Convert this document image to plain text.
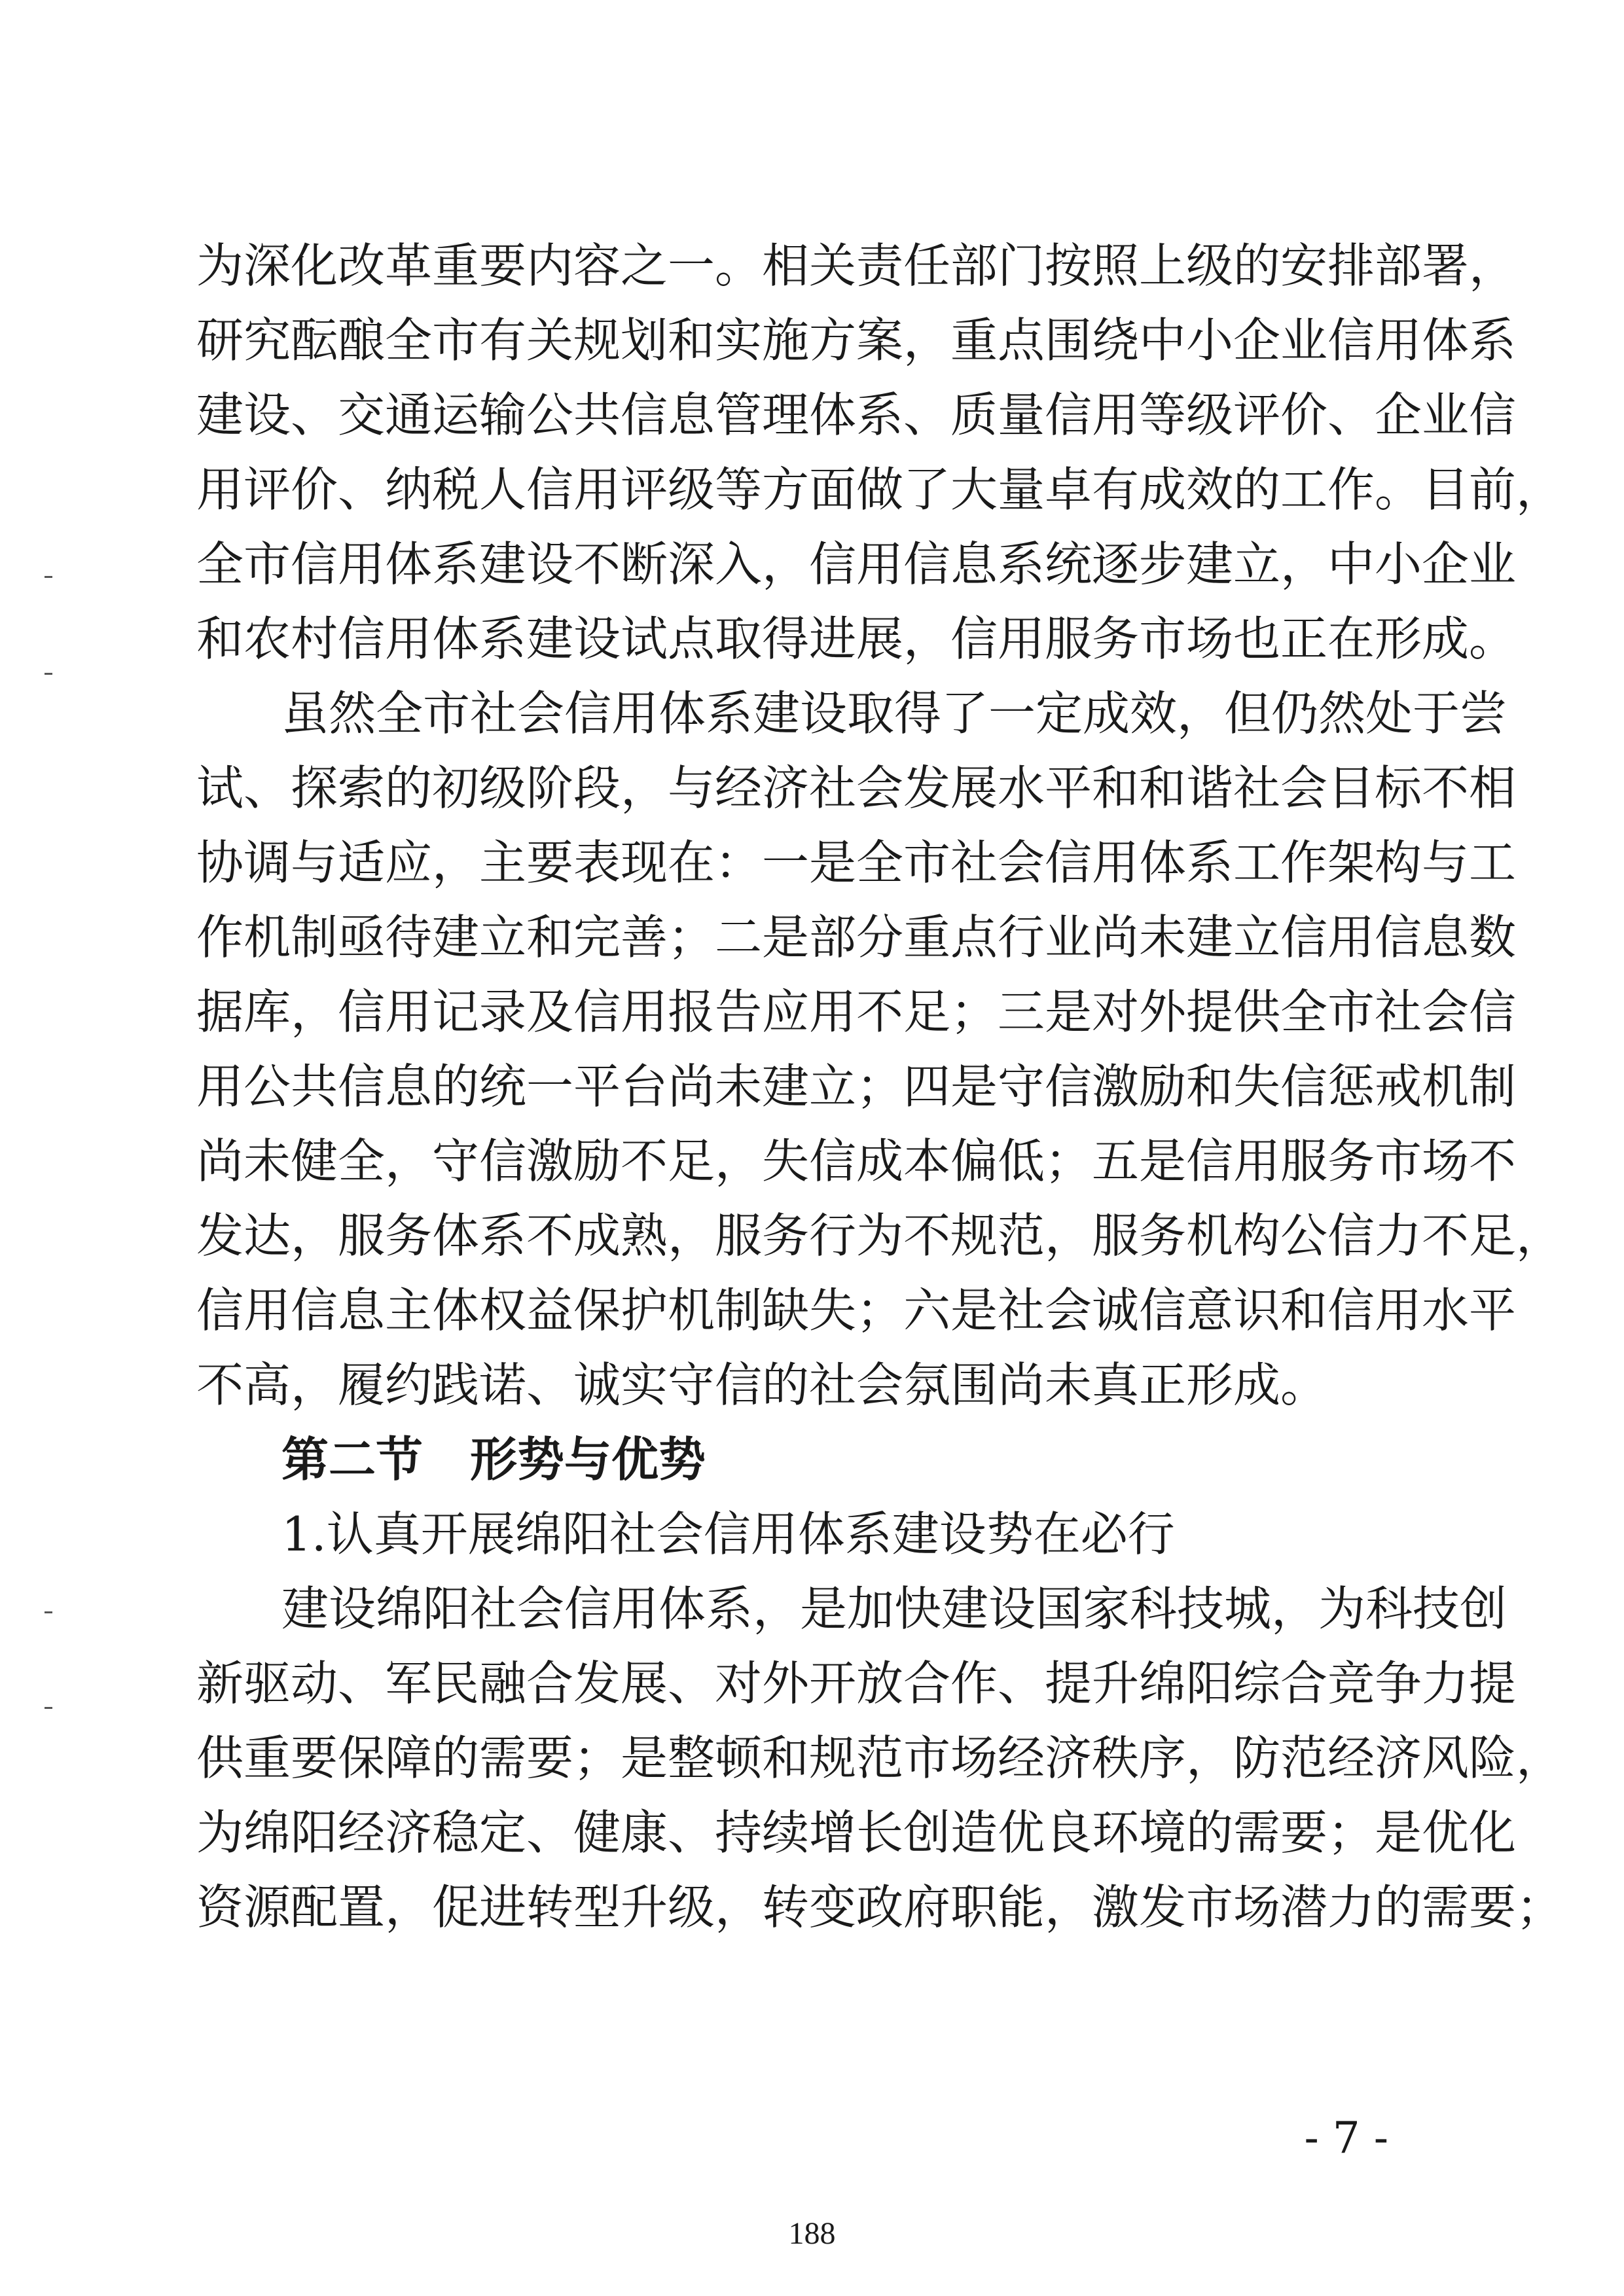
为深化改革重要内容之一。相关责任部门按照上级的安排部署，
研究酝酿全市有关规划和实施方案，重点围绕中小企业信用体系
建设、交通运输公共信息管理体系、质量信用等级评价、企业信
用评价、纳税人信用评级等方面做了大量卓有成效的工作。目前，
全市信用体系建设不断深入，信用信息系统逐步建立，中小企业
和农村信用体系建设试点取得进展，信用服务市场也正在形成。
虽然全市社会信用体系建设取得了一定成效，但仍然处于尝
试、探索的初级阶段，与经济社会发展水平和和谐社会目标不相
协调与适应，主要表现在：一是全市社会信用体系工作架构与工
作机制亟待建立和完善；二是部分重点行业尚未建立信用信息数
据库，信用记录及信用报告应用不足；三是对外提供全市社会信
用公共信息的统一平台尚未建立；四是守信激励和失信惩戒机制
尚未健全，守信激励不足，失信成本偏低；五是信用服务市场不
发达，服务体系不成熟，服务行为不规范，服务机构公信力不足，
信用信息主体权益保护机制缺失；六是社会诚信意识和信用水平
不高，履约践诺、诚实守信的社会氛围尚未真正形成。
第二节 形势与优势
1.认真开展绵阳社会信用体系建设势在必行
建设绵阳社会信用体系，是加快建设国家科技城，为科技创
新驱动、军民融合发展、对外开放合作、提升绵阳综合竞争力提
供重要保障的需要；是整顿和规范市场经济秩序，防范经济风险，
为绵阳经济稳定、健康、持续增长创造优良环境的需要；是优化
资源配置，促进转型升级，转变政府职能，激发市场潜力的需要；
- 7 -
188
